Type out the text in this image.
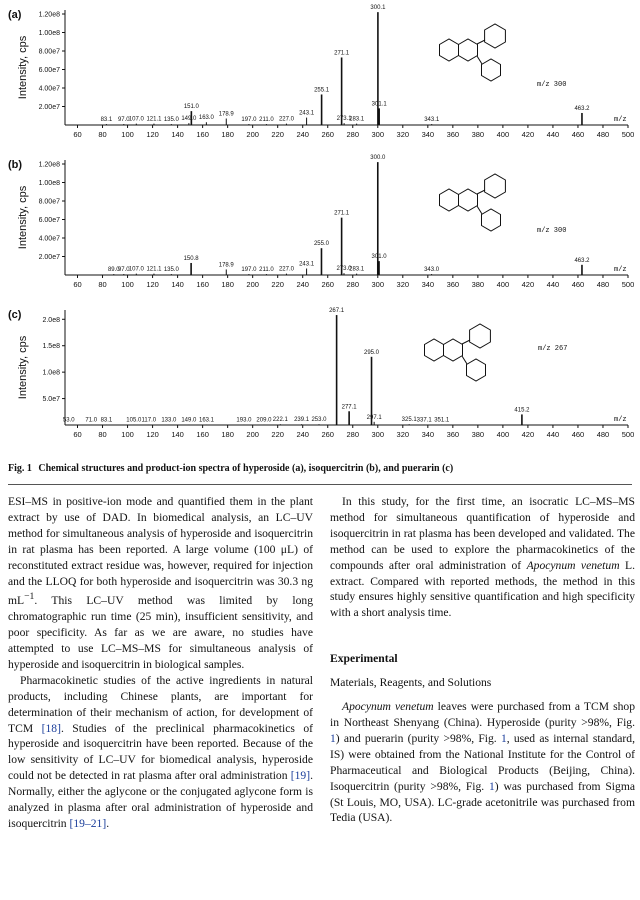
(a)
Intensity, cps
2.00e7
4.00e7
6.00e7
8.00e7
1.00e8
1.20e8
60 80 100 120 140 160 180 200 220 240 260 280 300 320 340 360 380 400 420 440 460 480 500
m/z
300.1
271.1
255.1
151.0	301.1
463.2
243.1
178.9
163.0
149.0
83.1 97.0 107.0 121.1 135.0	197.0 211.0 227.0	273.1
283.1	343.1
m/z 300
(b)
Intensity, cps
2.00e7
4.00e7
6.00e7
8.00e7
1.00e8
1.20e8
60 80 100 120 140 160 180 200 220 240 260 280 300 320 340 360 380 400 420 440 460 480 500
m/z
300.0
271.1
255.0
150.8	301.0
463.2
178.9	243.1
89.0
97.0 107.0 121.1 135.0	197.0 211.0 227.0	273.0
283.1	343.0
m/z 300
(c)
Intensity, cps
5.0e7
1.0e8
1.5e8
2.0e8
60 80 100 120 140 160 180 200 220 240 260 280 300 320 340 360 380 400 420 440 460 480 500
m/z
267.1
295.0
277.1
415.2
297.1
53.0 71.0 83.1 105.0 117.0 133.0 149.0 163.1	193.0 209.0 222.1 239.1 253.0	325.1 337.1 351.1
m/z 267
Fig. 1 Chemical structures and product-ion spectra of hyperoside (a), isoquercitrin (b), and puerarin (c)

ESI–MS in positive-ion mode and quantified them in the plant extract by use of DAD. In biomedical analysis, an LC–UV method for simultaneous analysis of hyperoside and isoquercitrin in rat plasma has been reported. A large volume (100 μL) of reconstituted extract residue was, however, required for injection and the LLOQ for both hyperoside and isoquercitrin was 30.3 ng $mL^{-1}$. This LC–UV method was limited by long chromatographic run time (25 min), insufficient sensitivity, and poor specificity. As far as we are aware, no studies have attempted to use LC–MS–MS for simultaneous analysis of hyperoside and isoquercitrin in biological samples.

Pharmacokinetic studies of the active ingredients in natural products, including Chinese plants, are important for determination of their mechanism of action, for development of TCM [18]. Studies of the preclinical pharmacokinetics of hyperoside and isoquercitrin have been reported. Because of the low sensitivity of LC–UV for biomedical analysis, hyperoside could not be detected in rat plasma after oral administration [19]. Normally, either the aglycone or the conjugated aglycone form is analyzed in plasma after oral administration of hyperoside and isoquercitrin [19–21].

In this study, for the first time, an isocratic LC–MS–MS method for simultaneous quantification of hyperoside and isoquercitrin in rat plasma has been developed and validated. The method can be used to explore the pharmacokinetics of the compounds after oral administration of Apocynum venetum L. extract. Compared with reported methods, the method in this study ensures highly sensitive quantification and high specificity with a short analysis time.

Experimental

Materials, Reagents, and Solutions

Apocynum venetum leaves were purchased from a TCM shop in Northeast Shenyang (China). Hyperoside (purity >98%, Fig. 1) and puerarin (purity >98%, Fig. 1, used as internal standard, IS) were obtained from the National Institute for the Control of Pharmaceutical and Biological Products (Beijing, China). Isoquercitrin (purity >98%, Fig. 1) was purchased from Sigma (St Louis, MO, USA). LC-grade acetonitrile was purchased from Tedia (USA).
